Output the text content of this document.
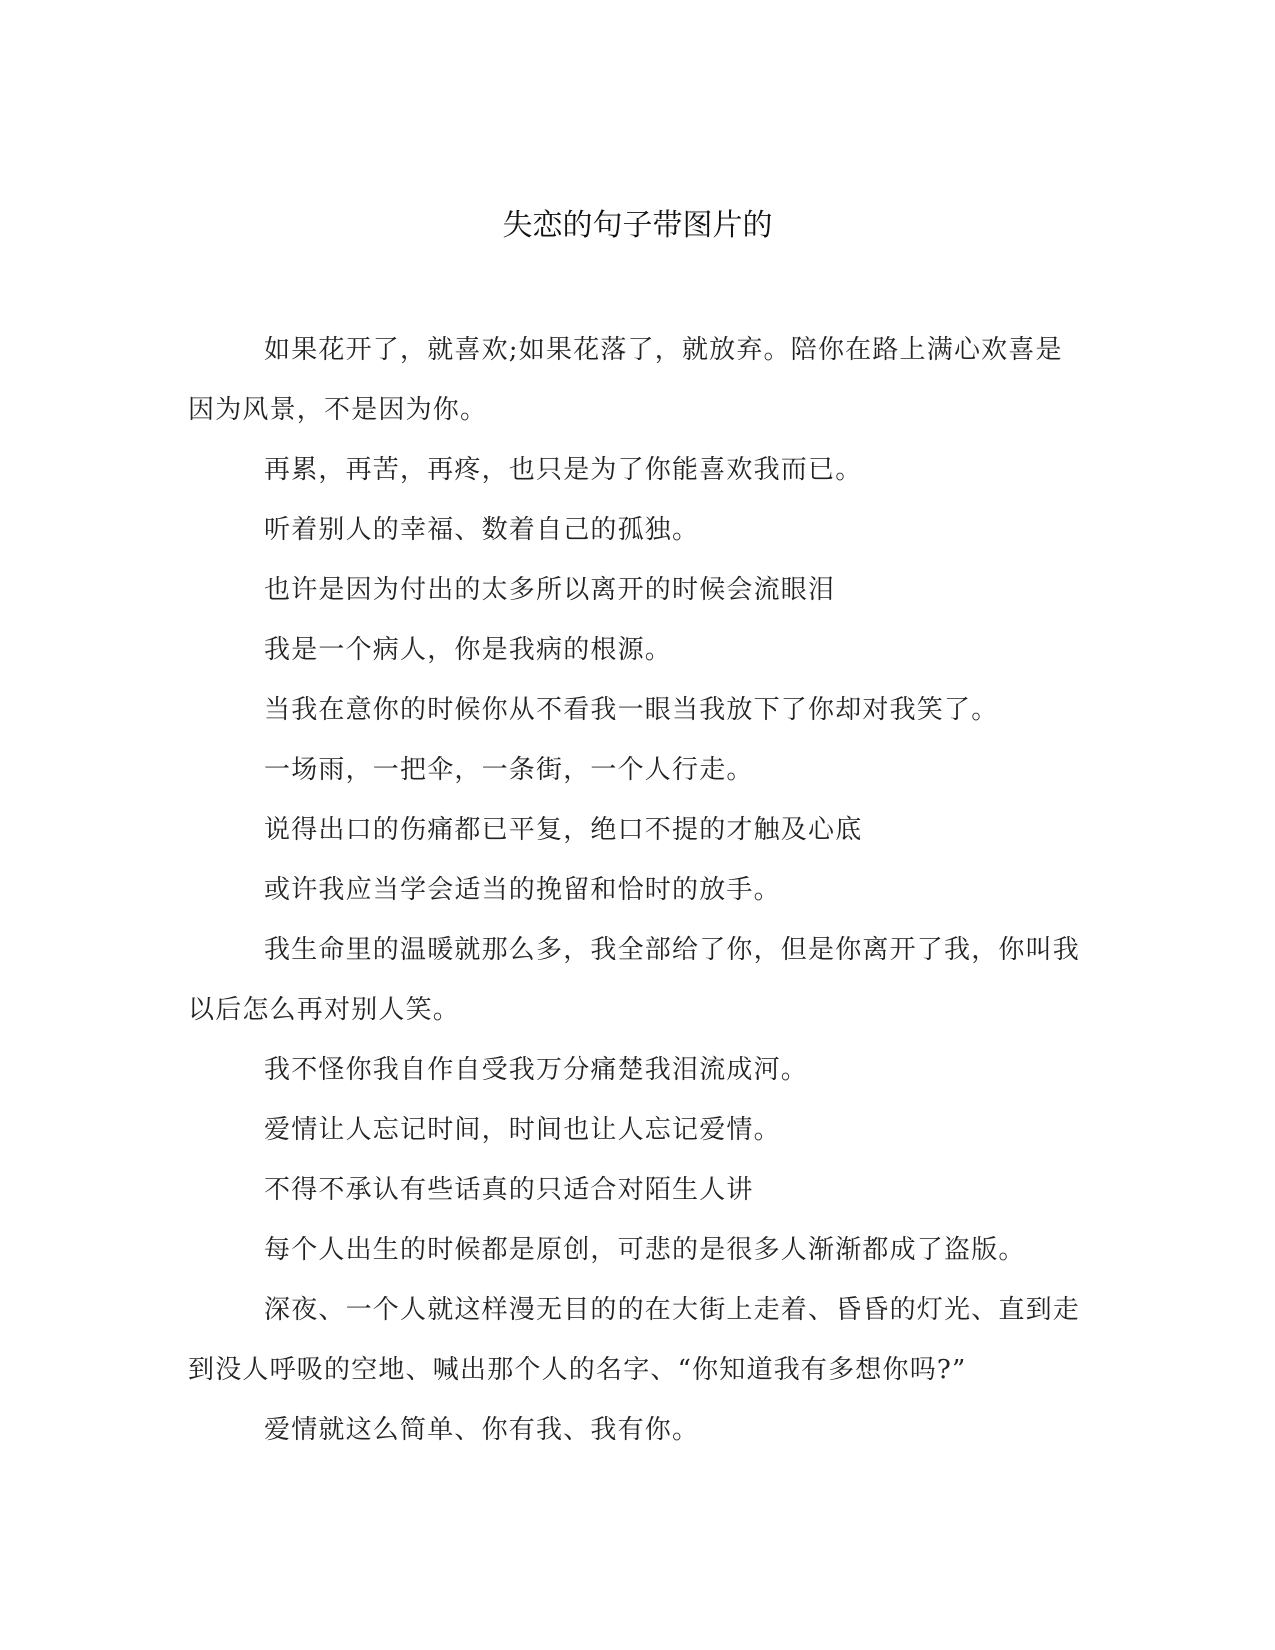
失恋的句子带图片的

如果花开了，就喜欢;如果花落了，就放弃。陪你在路上满心欢喜是因为风景，不是因为你。

再累，再苦，再疼，也只是为了你能喜欢我而已。

听着别人的幸福、数着自己的孤独。

也许是因为付出的太多所以离开的时候会流眼泪

我是一个病人，你是我病的根源。

当我在意你的时候你从不看我一眼当我放下了你却对我笑了。

一场雨，一把伞，一条街，一个人行走。

说得出口的伤痛都已平复，绝口不提的才触及心底

或许我应当学会适当的挽留和恰时的放手。

我生命里的温暖就那么多，我全部给了你，但是你离开了我，你叫我以后怎么再对别人笑。

我不怪你我自作自受我万分痛楚我泪流成河。

爱情让人忘记时间，时间也让人忘记爱情。

不得不承认有些话真的只适合对陌生人讲

每个人出生的时候都是原创，可悲的是很多人渐渐都成了盗版。

深夜、一个人就这样漫无目的的在大街上走着、昏昏的灯光、直到走到没人呼吸的空地、喊出那个人的名字、“你知道我有多想你吗?”

爱情就这么简单、你有我、我有你。
